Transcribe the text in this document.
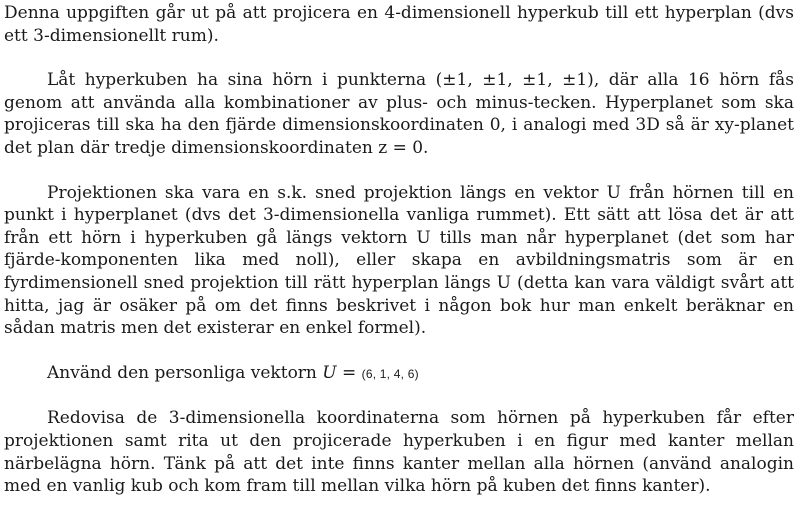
Denna uppgiften går ut på att projicera en 4-dimensionell hyperkub till ett hyperplan (dvs ett 3-dimensionellt rum).

Låt hyperkuben ha sina hörn i punkterna (±1, ±1, ±1, ±1), där alla 16 hörn fås genom att använda alla kombinationer av plus- och minus-tecken. Hyperplanet som ska projiceras till ska ha den fjärde dimensionskoordinaten 0, i analogi med 3D så är xy-planet det plan där tredje dimensionskoordinaten z = 0.

Projektionen ska vara en s.k. sned projektion längs en vektor U från hörnen till en punkt i hyperplanet (dvs det 3-dimensionella vanliga rummet). Ett sätt att lösa det är att från ett hörn i hyperkuben gå längs vektorn U tills man når hyperplanet (det som har fjärde-komponenten lika med noll), eller skapa en avbildningsmatris som är en fyrdimensionell sned projektion till rätt hyperplan längs U (detta kan vara väldigt svårt att hitta, jag är osäker på om det finns beskrivet i någon bok hur man enkelt beräknar en sådan matris men det existerar en enkel formel).

Använd den personliga vektorn U = (6, 1, 4, 6)

Redovisa de 3-dimensionella koordinaterna som hörnen på hyperkuben får efter projektionen samt rita ut den projicerade hyperkuben i en figur med kanter mellan närbelägna hörn. Tänk på att det inte finns kanter mellan alla hörnen (använd analogin med en vanlig kub och kom fram till mellan vilka hörn på kuben det finns kanter).
